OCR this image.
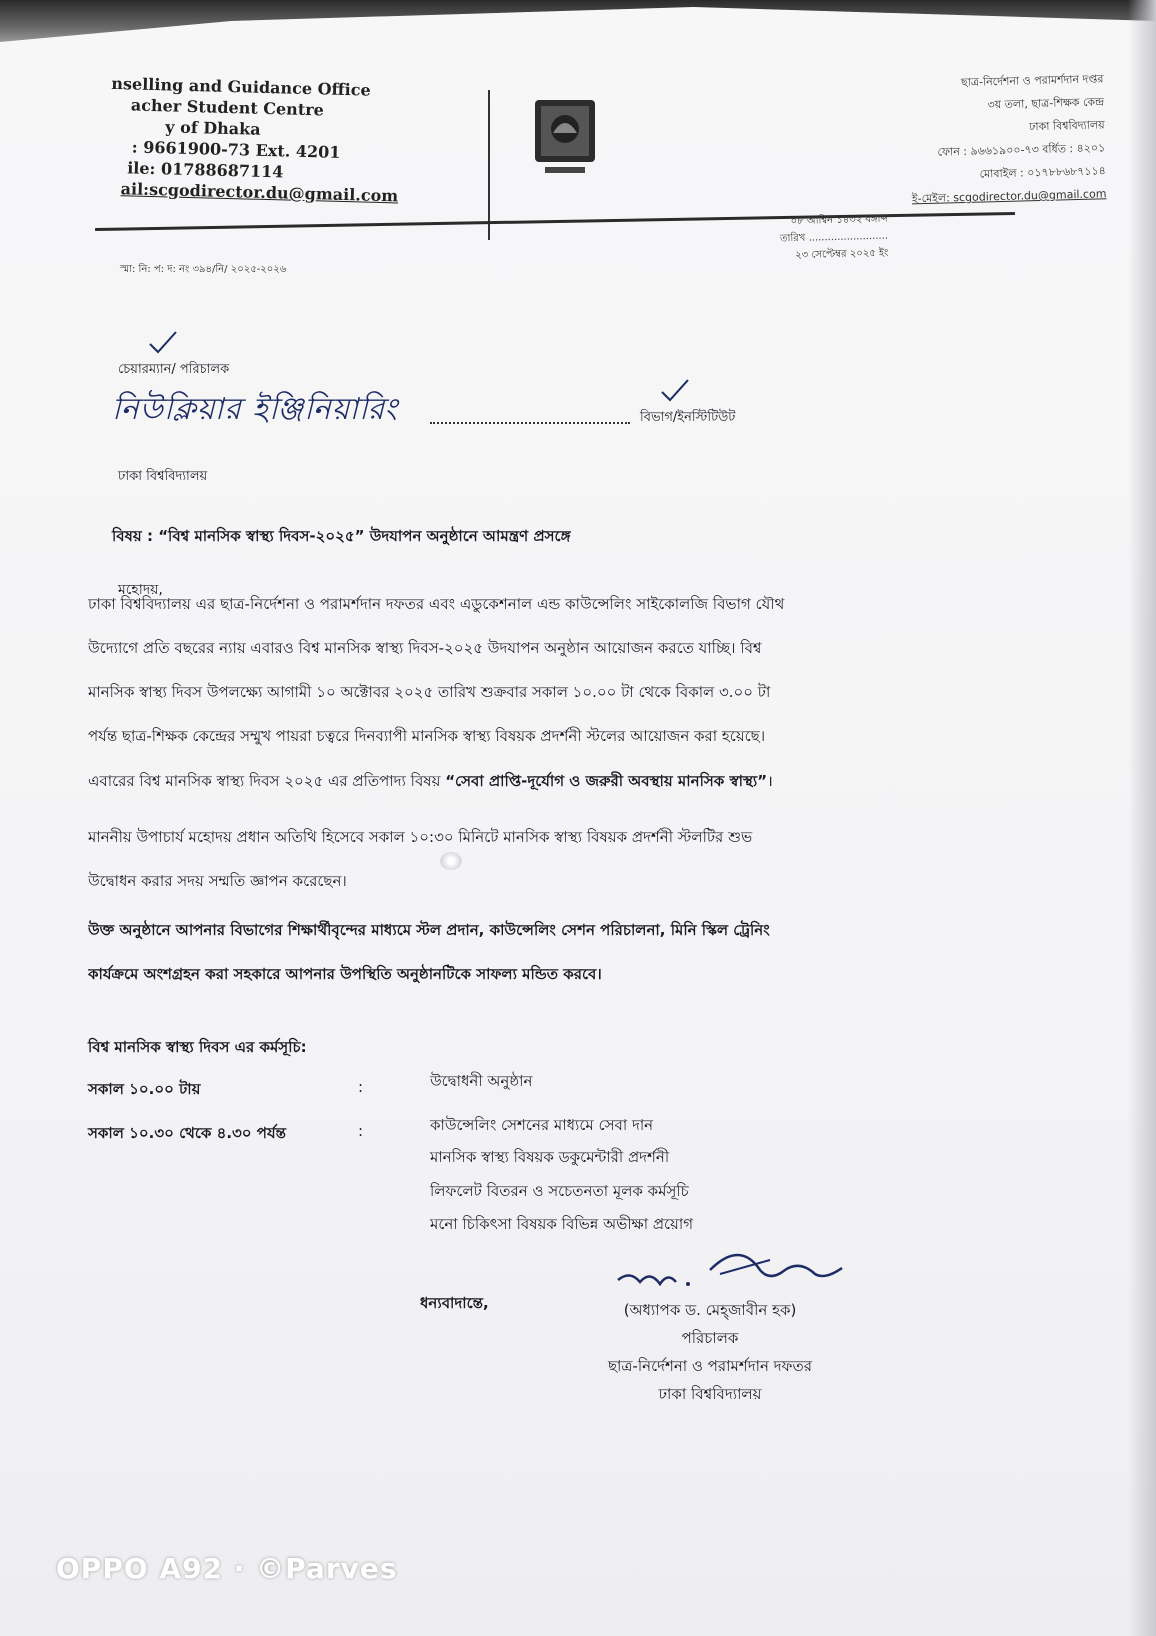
nselling and Guidance Office
acher Student Centre
y of Dhaka
: 9661900-73 Ext. 4201
ile: 01788687114
ail:scgodirector.du@gmail.com
ছাত্র-নির্দেশনা ও পরামর্শদান দপ্তর
৩য় তলা, ছাত্র-শিক্ষক কেন্দ্র
ঢাকা বিশ্ববিদ্যালয়
ফোন : ৯৬৬১৯০০-৭৩ বর্ধিত : ৪২০১
মোবাইল : ০১৭৮৮৬৮৭১১৪
ই-মেইল: scgodirector.du@gmail.com
০৮ আশ্বিন ১৪৩২ বঙ্গাব্দ
তারিখ .........................
২৩ সেপ্টেম্বর ২০২৫ ইং
স্মা: নি: প: দ: নং ৩৯৪/নি/ ২০২৫-২০২৬
চেয়ারম্যান/ পরিচালক
নিউক্লিয়ার ইঞ্জিনিয়ারিং	বিভাগ/ইনস্টিটিউট
ঢাকা বিশ্ববিদ্যালয়
বিষয় : “বিশ্ব মানসিক স্বাস্থ্য দিবস-২০২৫” উদযাপন অনুষ্ঠানে আমন্ত্রণ প্রসঙ্গে
মহোদয়,
ঢাকা বিশ্ববিদ্যালয় এর ছাত্র-নির্দেশনা ও পরামর্শদান দফতর এবং এডুকেশনাল এন্ড কাউন্সেলিং সাইকোলজি বিভাগ যৌথ
উদ্যোগে প্রতি বছরের ন্যায় এবারও বিশ্ব মানসিক স্বাস্থ্য দিবস-২০২৫ উদযাপন অনুষ্ঠান আয়োজন করতে যাচ্ছি। বিশ্ব
মানসিক স্বাস্থ্য দিবস উপলক্ষ্যে আগামী ১০ অক্টোবর ২০২৫ তারিখ শুক্রবার সকাল ১০.০০ টা থেকে বিকাল ৩.০০ টা
পর্যন্ত ছাত্র-শিক্ষক কেন্দ্রের সম্মুখ পায়রা চত্বরে দিনব্যাপী মানসিক স্বাস্থ্য বিষয়ক প্রদর্শনী স্টলের আয়োজন করা হয়েছে।
এবারের বিশ্ব মানসিক স্বাস্থ্য দিবস ২০২৫ এর প্রতিপাদ্য বিষয় “সেবা প্রাপ্তি-দূর্যোগ ও জরুরী অবস্থায় মানসিক স্বাস্থ্য”।
মাননীয় উপাচার্য মহোদয় প্রধান অতিথি হিসেবে সকাল ১০:৩০ মিনিটে মানসিক স্বাস্থ্য বিষয়ক প্রদর্শনী স্টলটির শুভ
উদ্বোধন করার সদয় সম্মতি জ্ঞাপন করেছেন।
উক্ত অনুষ্ঠানে আপনার বিভাগের শিক্ষার্থীবৃন্দের মাধ্যমে স্টল প্রদান, কাউন্সেলিং সেশন পরিচালনা, মিনি স্কিল ট্রেনিং
কার্যক্রমে অংশগ্রহন করা সহকারে আপনার উপস্থিতি অনুষ্ঠানটিকে সাফল্য মন্ডিত করবে।
বিশ্ব মানসিক স্বাস্থ্য দিবস এর কর্মসূচি:
সকাল ১০.০০ টায়	:	উদ্বোধনী অনুষ্ঠান
সকাল ১০.৩০ থেকে ৪.৩০ পর্যন্ত	:	কাউন্সেলিং সেশনের মাধ্যমে সেবা দান
মানসিক স্বাস্থ্য বিষয়ক ডকুমেন্টারী প্রদর্শনী
লিফলেট বিতরন ও সচেতনতা মূলক কর্মসূচি
মনো চিকিৎসা বিষয়ক বিভিন্ন অভীক্ষা প্রয়োগ
ধন্যবাদান্তে,	(অধ্যাপক ড. মেহ্‌জাবীন হক)
পরিচালক
ছাত্র-নির্দেশনা ও পরামর্শদান দফতর
ঢাকা বিশ্ববিদ্যালয়
OPPO A92 · ©Parves
